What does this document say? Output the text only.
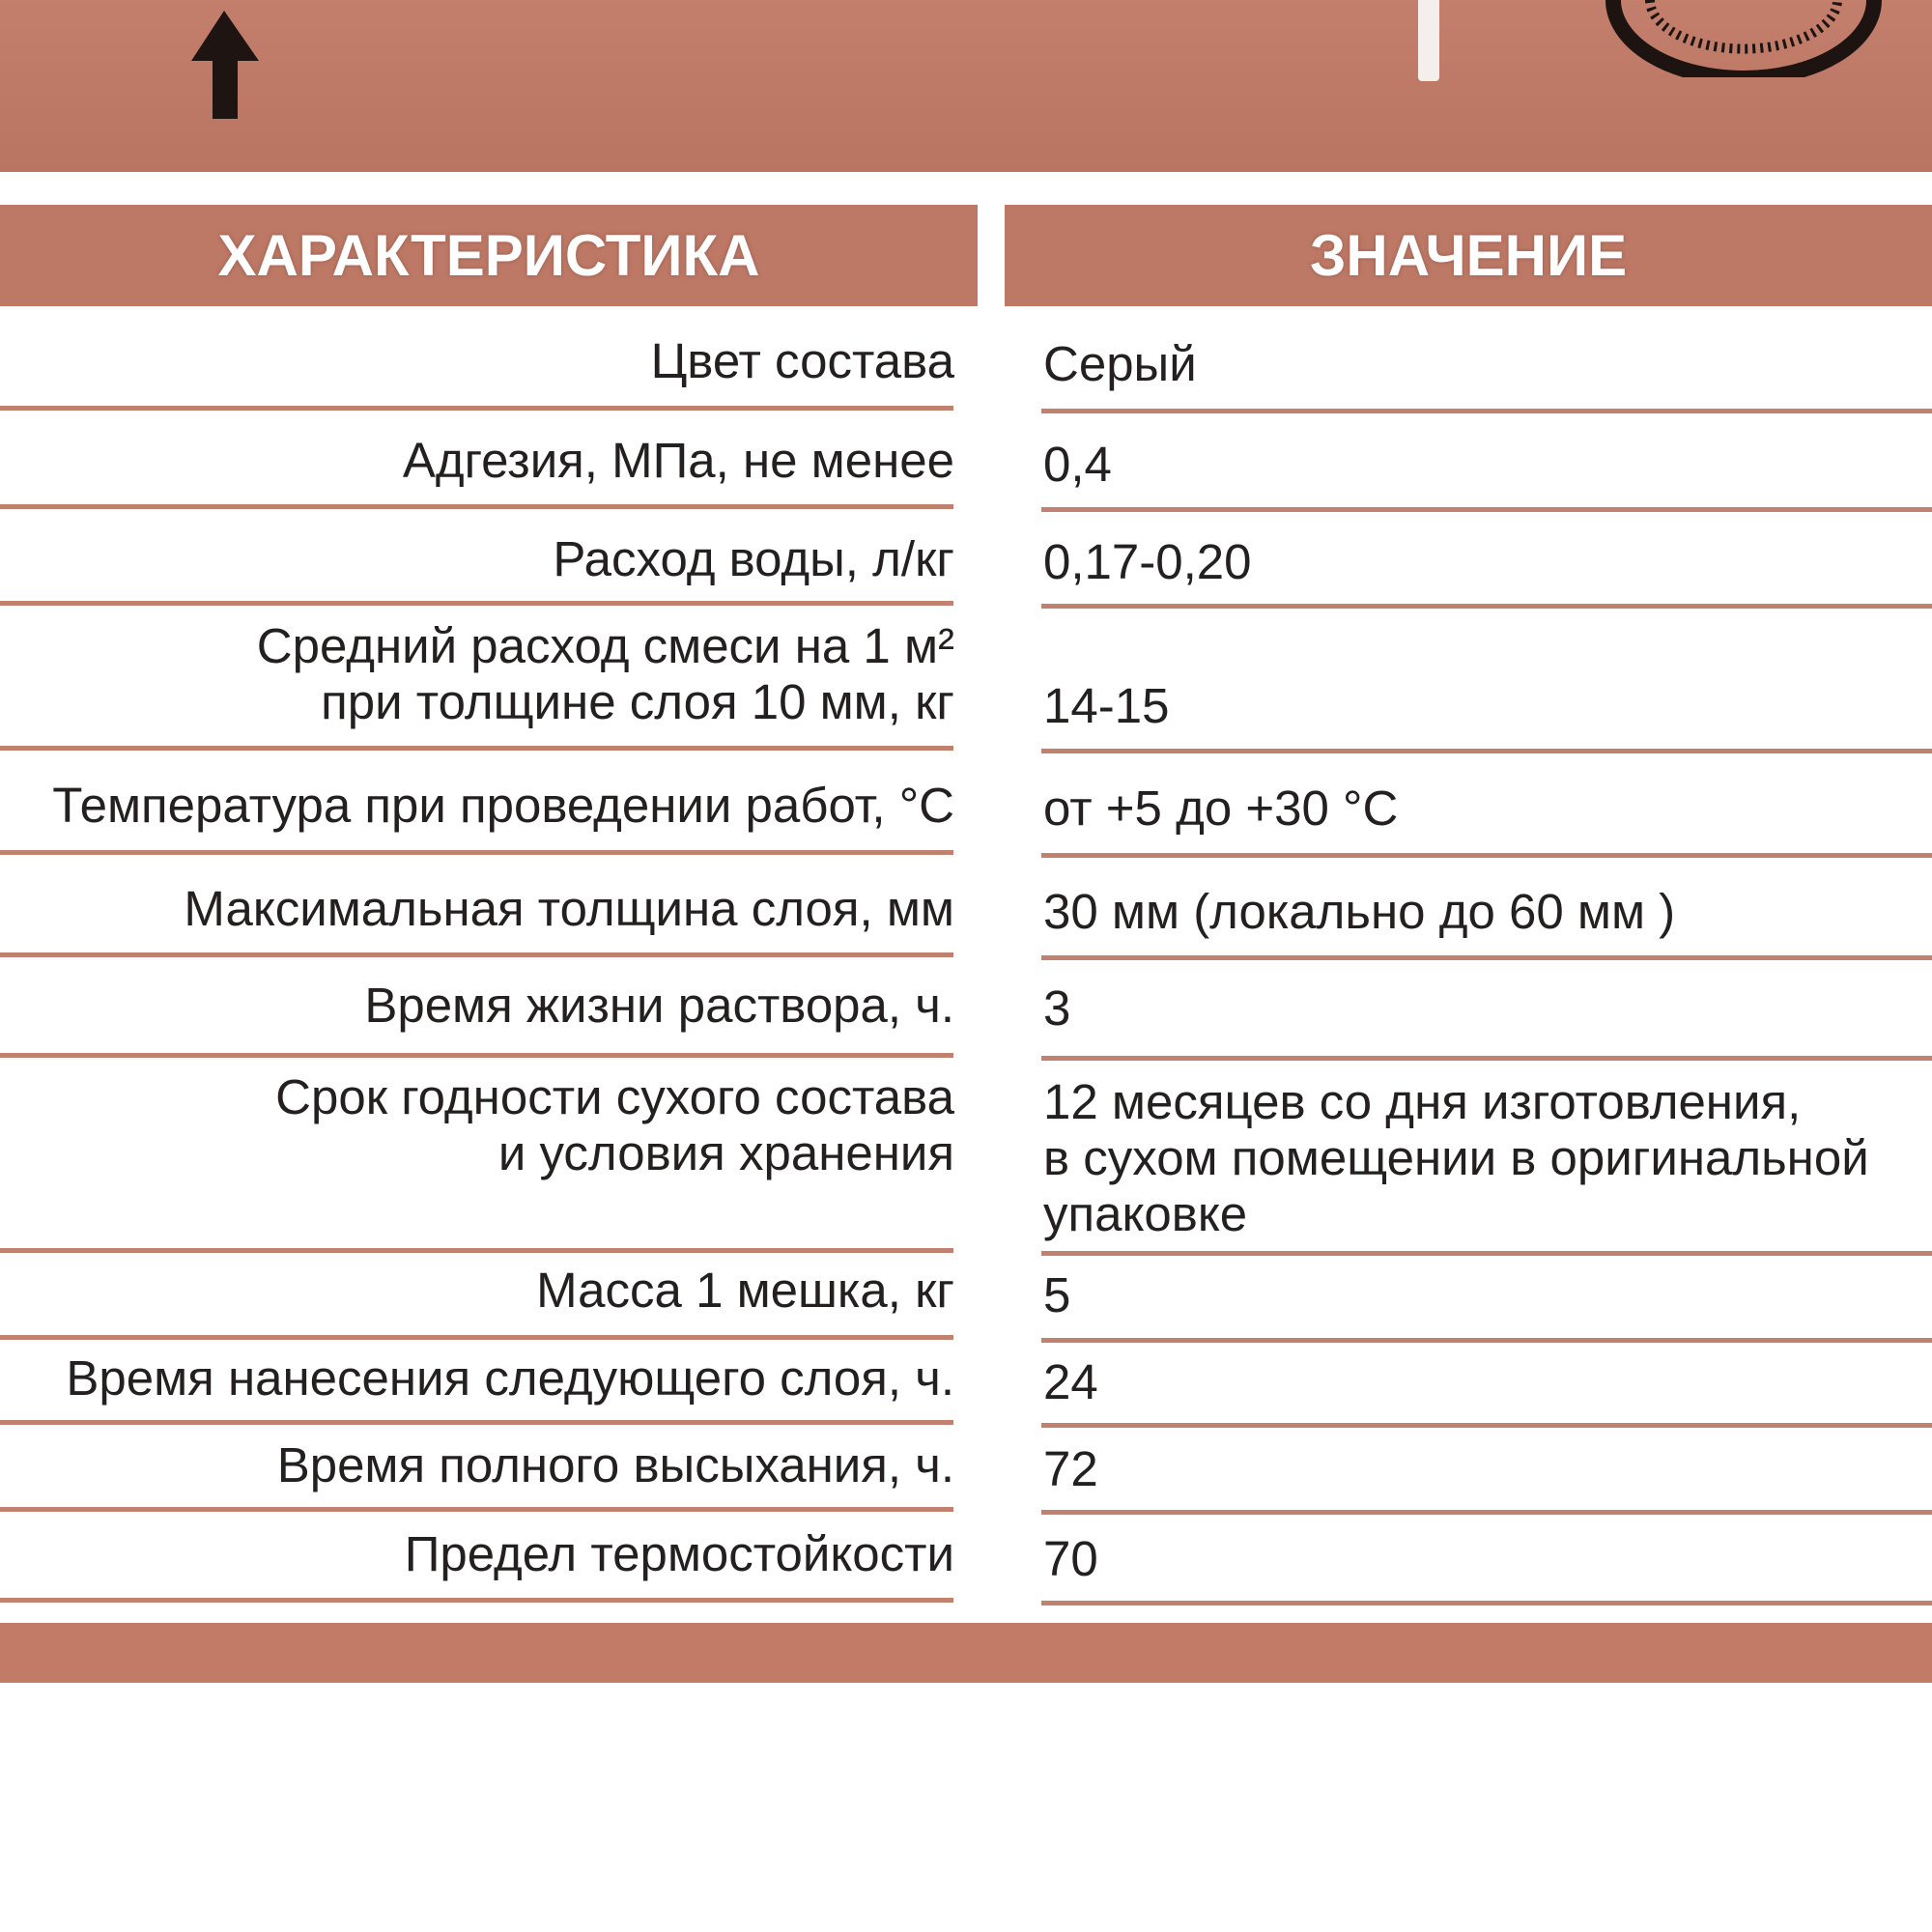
ХАРАКТЕРИСТИКА	ЗНАЧЕНИЕ
Цвет состава Серый
Адгезия, МПа, не менее 0,4
Расход воды, л/кг 0,17-0,20
Средний расход смеси на 1 м²
при толщине слоя 10 мм, кг 14-15
Температура при проведении работ, °C от +5 до +30 °C
Максимальная толщина слоя, мм 30 мм (локально до 60 мм )
Время жизни раствора, ч. 3
Срок годности сухого состава
и условия хранения
12 месяцев со дня изготовления,
в сухом помещении в оригинальной
упаковке
Масса 1 мешка, кг 5
Время нанесения следующего слоя, ч. 24
Время полного высыхания, ч. 72
Предел термостойкости 70
